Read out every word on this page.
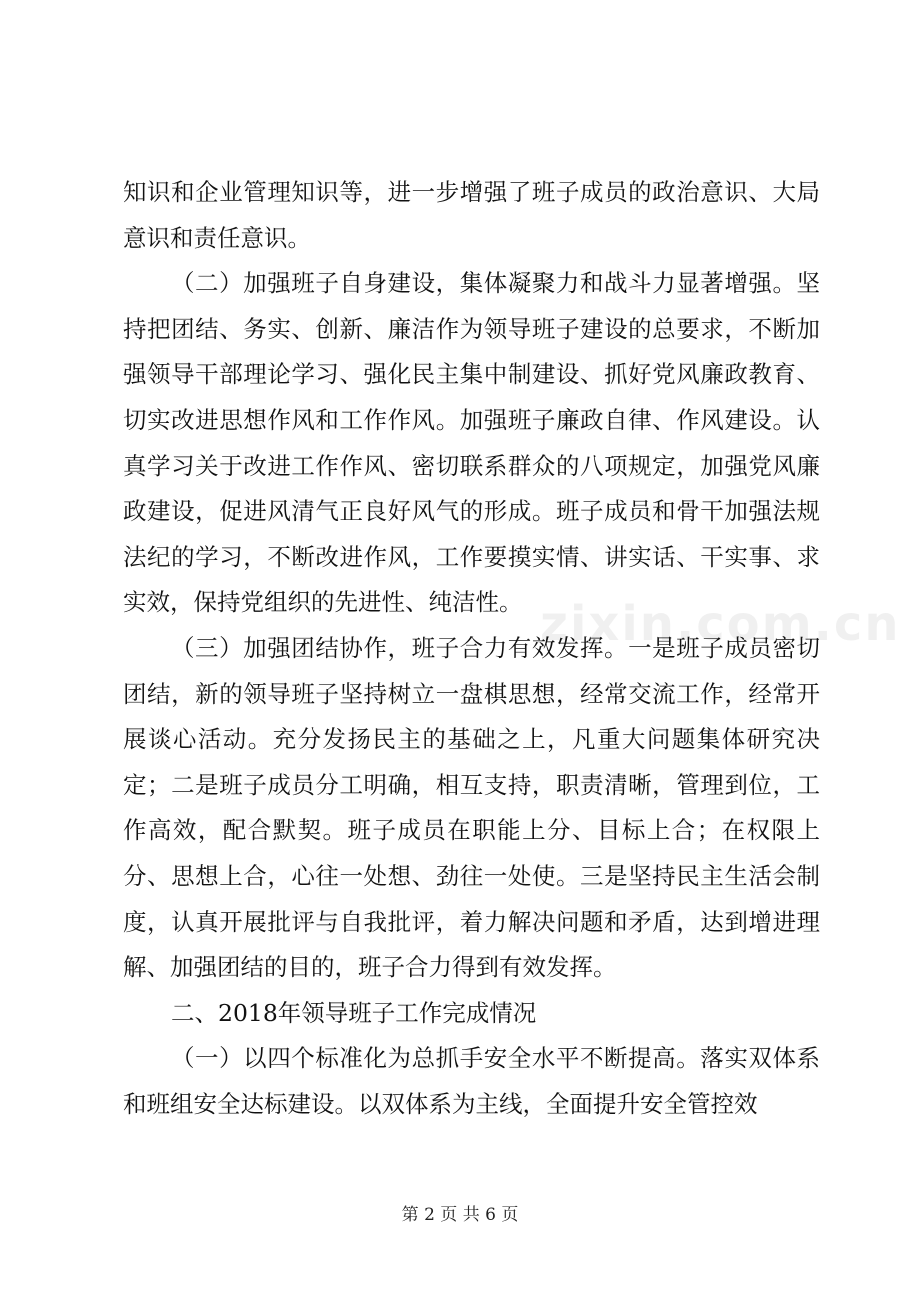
知识和企业管理知识等，进一步增强了班子成员的政治意识、大局意识和责任意识。

（二）加强班子自身建设，集体凝聚力和战斗力显著增强。坚持把团结、务实、创新、廉洁作为领导班子建设的总要求，不断加强领导干部理论学习、强化民主集中制建设、抓好党风廉政教育、切实改进思想作风和工作作风。加强班子廉政自律、作风建设。认真学习关于改进工作作风、密切联系群众的八项规定，加强党风廉政建设，促进风清气正良好风气的形成。班子成员和骨干加强法规法纪的学习，不断改进作风，工作要摸实情、讲实话、干实事、求实效，保持党组织的先进性、纯洁性。

（三）加强团结协作，班子合力有效发挥。一是班子成员密切团结，新的领导班子坚持树立一盘棋思想，经常交流工作，经常开展谈心活动。充分发扬民主的基础之上，凡重大问题集体研究决定；二是班子成员分工明确，相互支持，职责清晰，管理到位，工作高效，配合默契。班子成员在职能上分、目标上合；在权限上分、思想上合，心往一处想、劲往一处使。三是坚持民主生活会制度，认真开展批评与自我批评，着力解决问题和矛盾，达到增进理解、加强团结的目的，班子合力得到有效发挥。

二、2018年领导班子工作完成情况

（一）以四个标准化为总抓手安全水平不断提高。落实双体系和班组安全达标建设。以双体系为主线，全面提升安全管控效

zixin.com.cn
第 2 页 共 6 页
